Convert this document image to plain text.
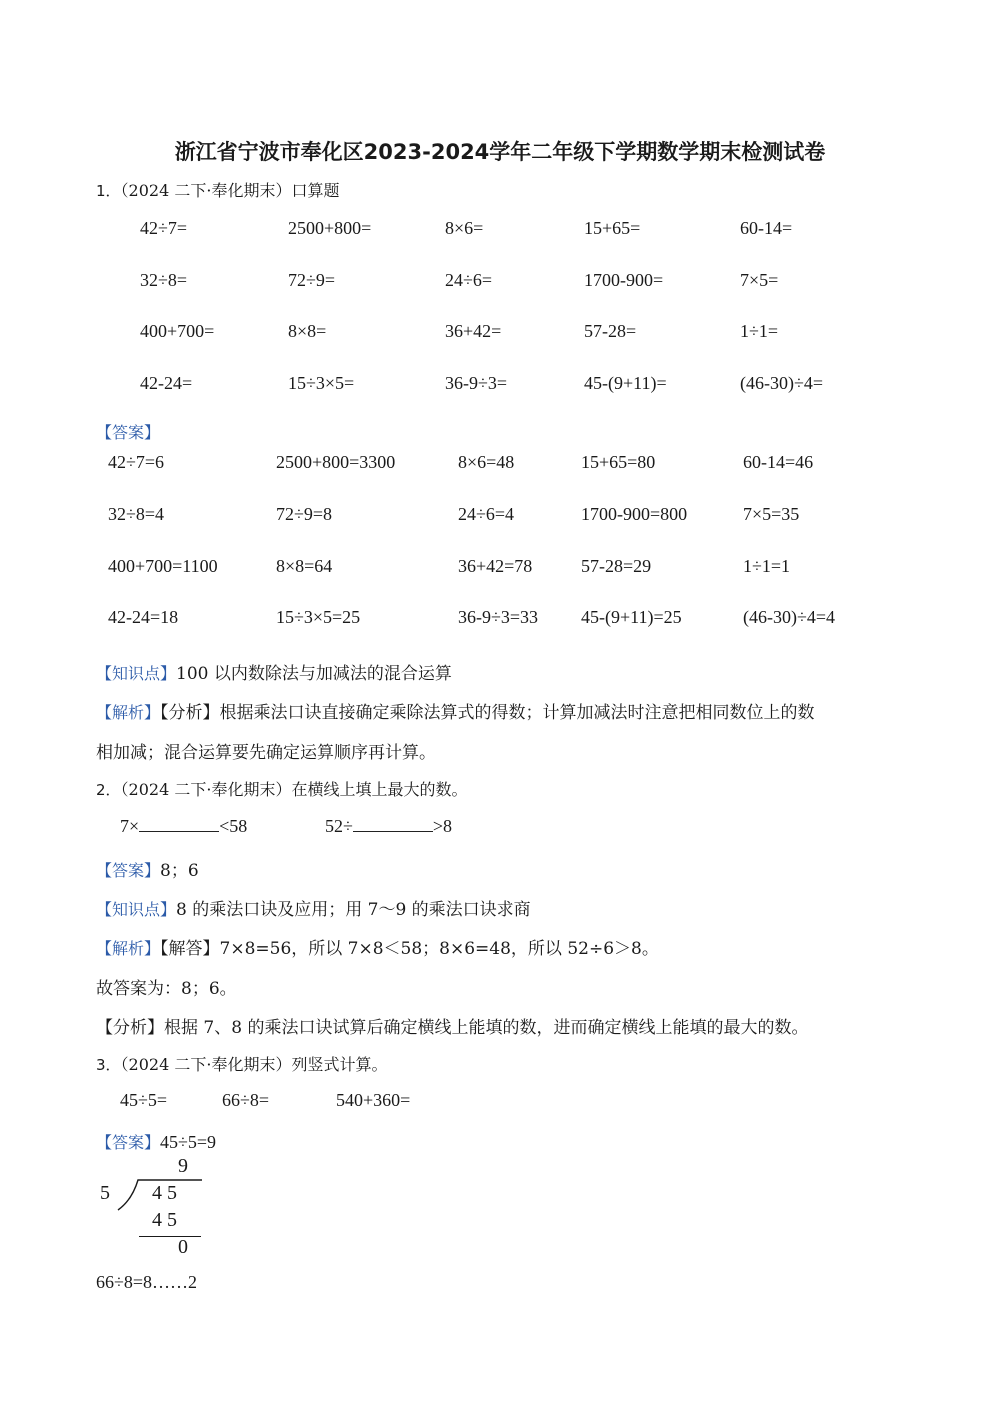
浙江省宁波市奉化区2023-2024学年二年级下学期数学期末检测试卷
1．（2024 二下·奉化期末）口算题
42÷7=	2500+800=	8×6=	15+65=	60-14=
32÷8=	72÷9=	24÷6=	1700-900=	7×5=
400+700=	8×8=	36+42=	57-28=	1÷1=
42-24=	15÷3×5=	36-9÷3=	45-(9+11)=	(46-30)÷4=
【答案】
42÷7=6	2500+800=3300	8×6=48	15+65=80	60-14=46
32÷8=4	72÷9=8	24÷6=4	1700-900=800	7×5=35
400+700=1100	8×8=64	36+42=78	57-28=29	1÷1=1
42-24=18	15÷3×5=25	36-9÷3=33 45-(9+11)=25	(46-30)÷4=4
【知识点】100 以内数除法与加减法的混合运算
【解析】【分析】根据乘法口诀直接确定乘除法算式的得数；计算加减法时注意把相同数位上的数
相加减；混合运算要先确定运算顺序再计算。
2．（2024 二下·奉化期末）在横线上填上最大的数。
7×	<58	52÷	>8
【答案】8；6
【知识点】8 的乘法口诀及应用；用 7～9 的乘法口诀求商
【解析】【解答】7×8=56，所以 7×8＜58；8×6=48，所以 52÷6＞8。
故答案为：8；6。
【分析】根据 7、8 的乘法口诀试算后确定横线上能填的数，进而确定横线上能填的最大的数。
3．（2024 二下·奉化期末）列竖式计算。
45÷5=	66÷8=	540+360=
【答案】45÷5=9
9
5 4 5
4 5
0
66÷8=8……2
